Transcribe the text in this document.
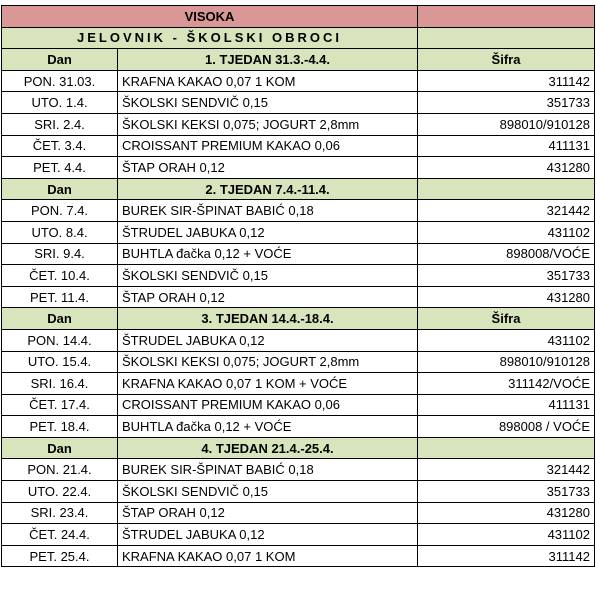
VISOKA		
JELOVNIK - ŠKOLSKI OBROCI		
Dan	1. TJEDAN 31.3.-4.4.	Šifra
PON. 31.03.	KRAFNA KAKAO 0,07 1 KOM	311142
UTO. 1.4.	ŠKOLSKI SENDVIČ 0,15	351733
SRI. 2.4.	ŠKOLSKI KEKSI 0,075; JOGURT 2,8mm	898010/910128
ČET. 3.4.	CROISSANT PREMIUM KAKAO 0,06	411131
PET. 4.4.	ŠTAP ORAH 0,12	431280
Dan	2. TJEDAN 7.4.-11.4.	
PON. 7.4.	BUREK SIR-ŠPINAT BABIĆ 0,18	321442
UTO. 8.4.	ŠTRUDEL JABUKA 0,12	431102
SRI. 9.4.	BUHTLA đačka 0,12 + VOĆE	898008/VOĆE
ČET. 10.4.	ŠKOLSKI SENDVIČ 0,15	351733
PET. 11.4.	ŠTAP ORAH 0,12	431280
Dan	3. TJEDAN 14.4.-18.4.	Šifra
PON. 14.4.	ŠTRUDEL JABUKA 0,12	431102
UTO. 15.4.	ŠKOLSKI KEKSI 0,075; JOGURT 2,8mm	898010/910128
SRI. 16.4.	KRAFNA KAKAO 0,07 1 KOM + VOĆE	311142/VOĆE
ČET. 17.4.	CROISSANT PREMIUM KAKAO 0,06	411131
PET. 18.4.	BUHTLA đačka 0,12 + VOĆE	898008 / VOĆE
Dan	4. TJEDAN 21.4.-25.4.	
PON. 21.4.	BUREK SIR-ŠPINAT BABIĆ 0,18	321442
UTO. 22.4.	ŠKOLSKI SENDVIČ 0,15	351733
SRI. 23.4.	ŠTAP ORAH 0,12	431280
ČET. 24.4.	ŠTRUDEL JABUKA 0,12	431102
PET. 25.4.	KRAFNA KAKAO 0,07 1 KOM	311142
